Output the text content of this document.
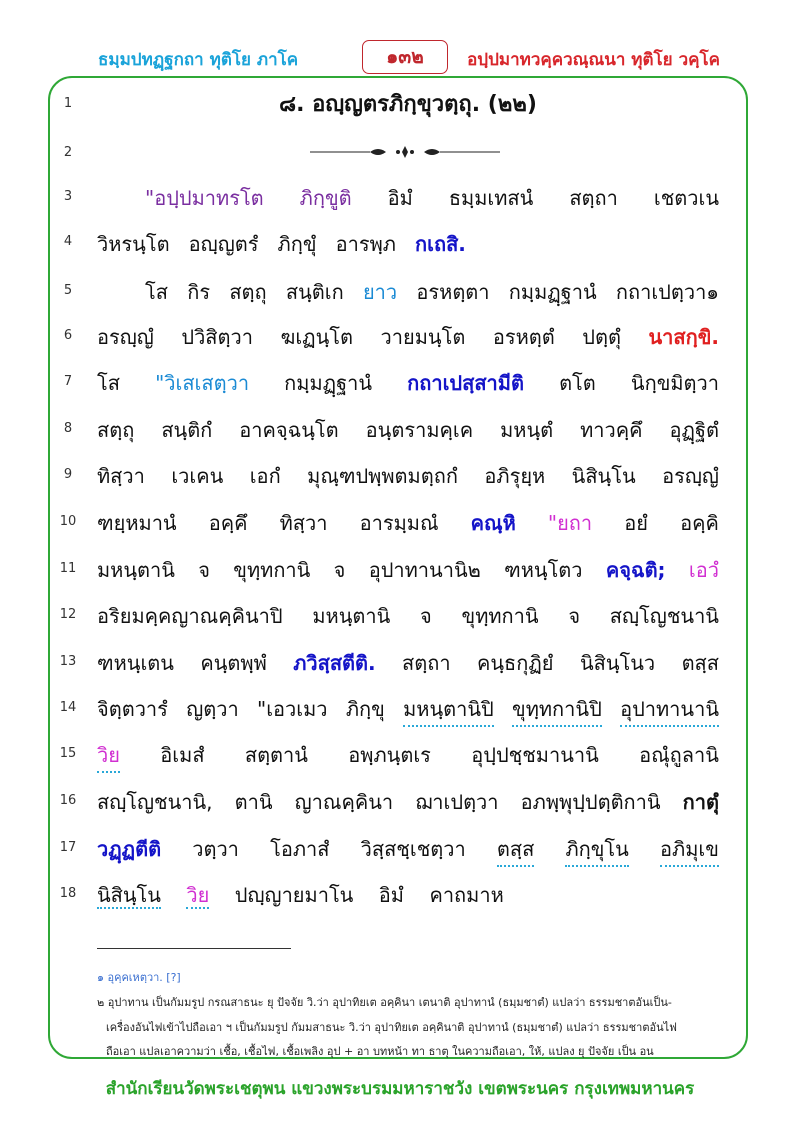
ธมฺมปทฏฺฐกถา ทุติโย ภาโค	๑๓๒	อปฺปมาทวคฺควณฺณนา ทุติโย วคฺโค
1
2
3
4
5
6
7
8
9
10
11
12
13
14
15
16
17
18
๘. อญฺญตรภิกฺขุวตฺถุ. (๒๒)
"อปฺปมาทรโต ภิกฺขูติ อิมํ ธมฺมเทสนํ สตฺถา เชตวเน
วิหรนฺโต อญฺญตรํ ภิกฺขุํ อารพฺภ กเถสิ.
โส กิร สตฺถุ สนฺติเก ยาว อรหตฺตา กมฺมฏฺฐานํ กถาเปตฺวา๑
อรญฺญํ ปวิสิตฺวา ฆเฏนฺโต วายมนฺโต อรหตฺตํ ปตฺตุํ นาสกฺขิ.
โส "วิเสเสตฺวา กมฺมฏฺฐานํ กถาเปสฺสามีติ ตโต นิกฺขมิตฺวา
สตฺถุ สนฺติกํ อาคจฺฉนฺโต อนฺตรามคฺเค มหนฺตํ ทาวคฺคึ อุฏฺฐิตํ
ทิสฺวา เวเคน เอกํ มุณฺฑปพฺพตมตฺถกํ อภิรุยฺห นิสินฺโน อรญฺญํ
ฑยฺหมานํ อคฺคึ ทิสฺวา อารมฺมณํ คณฺหิ "ยถา อยํ อคฺคิ
มหนฺตานิ จ ขุทฺทกานิ จ อุปาทานานิ๒ ฑหนฺโตว คจฺฉติ; เอวํ
อริยมคฺคญาณคฺคินาปิ มหนฺตานิ จ ขุทฺทกานิ จ สญฺโญชนานิ
ฑหนฺเตน คนฺตพฺพํ ภวิสฺสตีติ. สตฺถา คนฺธกุฏิยํ นิสินฺโนว ตสฺส
จิตฺตวารํ ญตฺวา "เอวเมว ภิกฺขุ มหนฺตานิปิ ขุทฺทกานิปิ อุปาทานานิ
วิย อิเมสํ สตฺตานํ อพฺภนฺตเร อุปฺปชฺชมานานิ อณุํถูลานิ
สญฺโญชนานิ, ตานิ ญาณคฺคินา ฌาเปตฺวา อภพฺพุปฺปตฺติกานิ กาตุํ
วฏฺฏตีติ วตฺวา โอภาสํ วิสฺสชฺเชตฺวา ตสฺส ภิกฺขุโน อภิมุเข
นิสินฺโน วิย ปญฺญายมาโน อิมํ คาถมาห
๑ อุคฺคเหตฺวา. [?]
๒ อุปาทาน เป็นกัมมรูป กรณสาธนะ ยุ ปัจจัย วิ.ว่า อุปาทิยเต อคฺคินา เตนาติ อุปาทานํ (ธมฺมชาตํ) แปลว่า ธรรมชาตอันเป็น-
เครื่องอันไฟเข้าไปถือเอา ฯ เป็นกัมมรูป กัมมสาธนะ วิ.ว่า อุปาทิยเต อคฺคินาติ อุปาทานํ (ธมฺมชาตํ) แปลว่า ธรรมชาตอันไฟ
ถือเอา แปลเอาความว่า เชื้อ, เชื้อไฟ, เชื้อเพลิง อุป + อา บทหน้า ทา ธาตุ ในความถือเอา, ให้, แปลง ยุ ปัจจัย เป็น อน
สำนักเรียนวัดพระเชตุพน แขวงพระบรมมหาราชวัง เขตพระนคร กรุงเทพมหานคร
